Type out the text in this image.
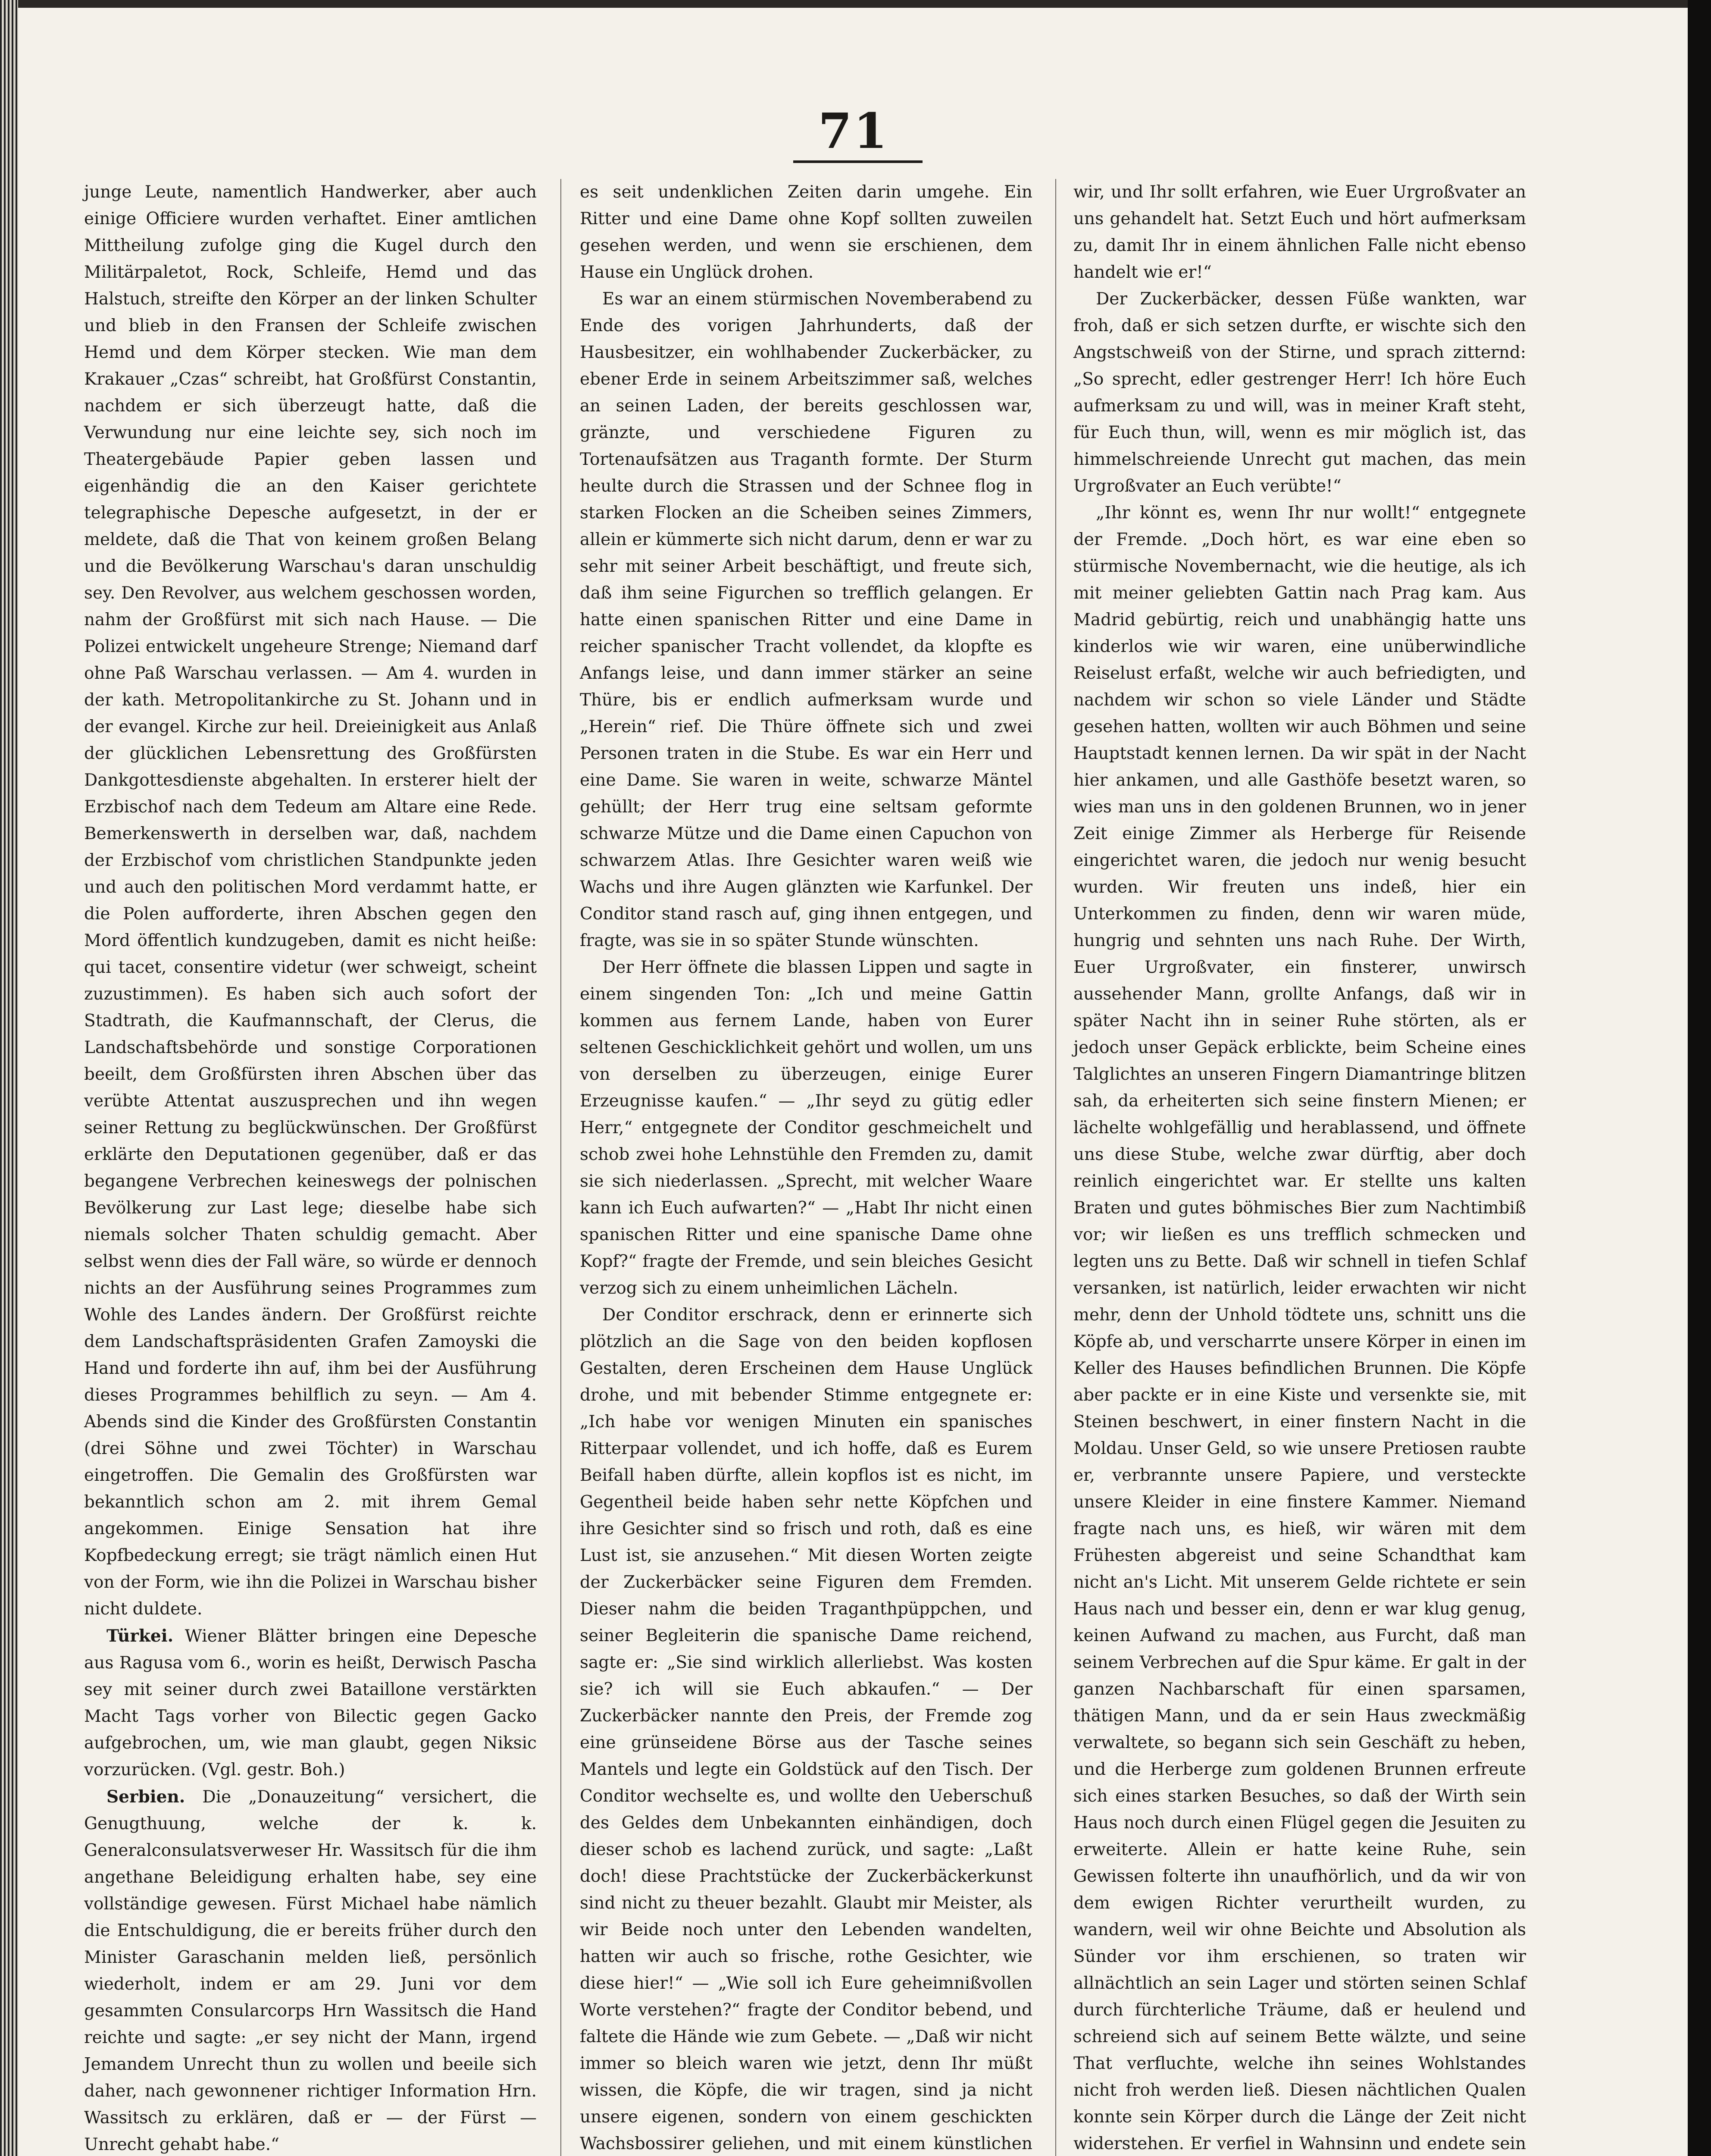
71

junge Leute, namentlich Handwerker, aber auch einige Officiere wurden verhaftet. Einer amtlichen Mittheilung zufolge ging die Kugel durch den Militärpaletot, Rock, Schleife, Hemd und das Halstuch, streifte den Körper an der linken Schulter und blieb in den Fransen der Schleife zwischen Hemd und dem Körper stecken. Wie man dem Krakauer „Czas“ schreibt, hat Großfürst Constantin, nachdem er sich überzeugt hatte, daß die Verwundung nur eine leichte sey, sich noch im Theatergebäude Papier geben lassen und eigenhändig die an den Kaiser gerichtete telegraphische Depesche aufgesetzt, in der er meldete, daß die That von keinem großen Belang und die Bevölkerung Warschau's daran unschuldig sey. Den Revolver, aus welchem geschossen worden, nahm der Großfürst mit sich nach Hause. — Die Polizei entwickelt ungeheure Strenge; Niemand darf ohne Paß Warschau verlassen. — Am 4. wurden in der kath. Metropolitankirche zu St. Johann und in der evangel. Kirche zur heil. Dreieinigkeit aus Anlaß der glücklichen Lebensrettung des Großfürsten Dankgottesdienste abgehalten. In ersterer hielt der Erzbischof nach dem Tedeum am Altare eine Rede. Bemerkenswerth in derselben war, daß, nachdem der Erzbischof vom christlichen Standpunkte jeden und auch den politischen Mord verdammt hatte, er die Polen aufforderte, ihren Abschen gegen den Mord öffentlich kundzugeben, damit es nicht heiße: qui tacet, consentire videtur (wer schweigt, scheint zuzustimmen). Es haben sich auch sofort der Stadtrath, die Kaufmannschaft, der Clerus, die Landschaftsbehörde und sonstige Corporationen beeilt, dem Großfürsten ihren Abschen über das verübte Attentat auszusprechen und ihn wegen seiner Rettung zu beglückwünschen. Der Großfürst erklärte den Deputationen gegenüber, daß er das begangene Verbrechen keineswegs der polnischen Bevölkerung zur Last lege; dieselbe habe sich niemals solcher Thaten schuldig gemacht. Aber selbst wenn dies der Fall wäre, so würde er dennoch nichts an der Ausführung seines Programmes zum Wohle des Landes ändern. Der Großfürst reichte dem Landschaftspräsidenten Grafen Zamoyski die Hand und forderte ihn auf, ihm bei der Ausführung dieses Programmes behilflich zu seyn. — Am 4. Abends sind die Kinder des Großfürsten Constantin (drei Söhne und zwei Töchter) in Warschau eingetroffen. Die Gemalin des Großfürsten war bekanntlich schon am 2. mit ihrem Gemal angekommen. Einige Sensation hat ihre Kopfbedeckung erregt; sie trägt nämlich einen Hut von der Form, wie ihn die Polizei in Warschau bisher nicht duldete.

Türkei. Wiener Blätter bringen eine Depesche aus Ragusa vom 6., worin es heißt, Derwisch Pascha sey mit seiner durch zwei Bataillone verstärkten Macht Tags vorher von Bilectic gegen Gacko aufgebrochen, um, wie man glaubt, gegen Niksic vorzurücken. (Vgl. gestr. Boh.)

Serbien. Die „Donauzeitung“ versichert, die Genugthuung, welche der k. k. Generalconsulatsverweser Hr. Wassitsch für die ihm angethane Beleidigung erhalten habe, sey eine vollständige gewesen. Fürst Michael habe nämlich die Entschuldigung, die er bereits früher durch den Minister Garaschanin melden ließ, persönlich wiederholt, indem er am 29. Juni vor dem gesammten Consularcorps Hrn Wassitsch die Hand reichte und sagte: „er sey nicht der Mann, irgend Jemandem Unrecht thun zu wollen und beeile sich daher, nach gewonnener richtiger Information Hrn. Wassitsch zu erklären, daß er — der Fürst — Unrecht gehabt habe.“

es seit undenklichen Zeiten darin umgehe. Ein Ritter und eine Dame ohne Kopf sollten zuweilen gesehen werden, und wenn sie erschienen, dem Hause ein Unglück drohen.

Es war an einem stürmischen Novemberabend zu Ende des vorigen Jahrhunderts, daß der Hausbesitzer, ein wohlhabender Zuckerbäcker, zu ebener Erde in seinem Arbeitszimmer saß, welches an seinen Laden, der bereits geschlossen war, gränzte, und verschiedene Figuren zu Tortenaufsätzen aus Traganth formte. Der Sturm heulte durch die Strassen und der Schnee flog in starken Flocken an die Scheiben seines Zimmers, allein er kümmerte sich nicht darum, denn er war zu sehr mit seiner Arbeit beschäftigt, und freute sich, daß ihm seine Figurchen so trefflich gelangen. Er hatte einen spanischen Ritter und eine Dame in reicher spanischer Tracht vollendet, da klopfte es Anfangs leise, und dann immer stärker an seine Thüre, bis er endlich aufmerksam wurde und „Herein“ rief. Die Thüre öffnete sich und zwei Personen traten in die Stube. Es war ein Herr und eine Dame. Sie waren in weite, schwarze Mäntel gehüllt; der Herr trug eine seltsam geformte schwarze Mütze und die Dame einen Capuchon von schwarzem Atlas. Ihre Gesichter waren weiß wie Wachs und ihre Augen glänzten wie Karfunkel. Der Conditor stand rasch auf, ging ihnen entgegen, und fragte, was sie in so später Stunde wünschten.

Der Herr öffnete die blassen Lippen und sagte in einem singenden Ton: „Ich und meine Gattin kommen aus fernem Lande, haben von Eurer seltenen Geschicklichkeit gehört und wollen, um uns von derselben zu überzeugen, einige Eurer Erzeugnisse kaufen.“ — „Ihr seyd zu gütig edler Herr,“ entgegnete der Conditor geschmeichelt und schob zwei hohe Lehnstühle den Fremden zu, damit sie sich niederlassen. „Sprecht, mit welcher Waare kann ich Euch aufwarten?“ — „Habt Ihr nicht einen spanischen Ritter und eine spanische Dame ohne Kopf?“ fragte der Fremde, und sein bleiches Gesicht verzog sich zu einem unheimlichen Lächeln.

Der Conditor erschrack, denn er erinnerte sich plötzlich an die Sage von den beiden kopflosen Gestalten, deren Erscheinen dem Hause Unglück drohe, und mit bebender Stimme entgegnete er: „Ich habe vor wenigen Minuten ein spanisches Ritterpaar vollendet, und ich hoffe, daß es Eurem Beifall haben dürfte, allein kopflos ist es nicht, im Gegentheil beide haben sehr nette Köpfchen und ihre Gesichter sind so frisch und roth, daß es eine Lust ist, sie anzusehen.“ Mit diesen Worten zeigte der Zuckerbäcker seine Figuren dem Fremden. Dieser nahm die beiden Traganthpüppchen, und seiner Begleiterin die spanische Dame reichend, sagte er: „Sie sind wirklich allerliebst. Was kosten sie? ich will sie Euch abkaufen.“ — Der Zuckerbäcker nannte den Preis, der Fremde zog eine grünseidene Börse aus der Tasche seines Mantels und legte ein Goldstück auf den Tisch. Der Conditor wechselte es, und wollte den Ueberschuß des Geldes dem Unbekannten einhändigen, doch dieser schob es lachend zurück, und sagte: „Laßt doch! diese Prachtstücke der Zuckerbäckerkunst sind nicht zu theuer bezahlt. Glaubt mir Meister, als wir Beide noch unter den Lebenden wandelten, hatten wir auch so frische, rothe Gesichter, wie diese hier!“ — „Wie soll ich Eure geheimnißvollen Worte verstehen?“ fragte der Conditor bebend, und faltete die Hände wie zum Gebete. — „Daß wir nicht immer so bleich waren wie jetzt, denn Ihr müßt wissen, die Köpfe, die wir tragen, sind ja nicht unsere eigenen, sondern von einem geschickten Wachsbossirer geliehen, und mit einem künstlichen

wir, und Ihr sollt erfahren, wie Euer Urgroßvater an uns gehandelt hat. Setzt Euch und hört aufmerksam zu, damit Ihr in einem ähnlichen Falle nicht ebenso handelt wie er!“

Der Zuckerbäcker, dessen Füße wankten, war froh, daß er sich setzen durfte, er wischte sich den Angstschweiß von der Stirne, und sprach zitternd: „So sprecht, edler gestrenger Herr! Ich höre Euch aufmerksam zu und will, was in meiner Kraft steht, für Euch thun, will, wenn es mir möglich ist, das himmelschreiende Unrecht gut machen, das mein Urgroßvater an Euch verübte!“

„Ihr könnt es, wenn Ihr nur wollt!“ entgegnete der Fremde. „Doch hört, es war eine eben so stürmische Novembernacht, wie die heutige, als ich mit meiner geliebten Gattin nach Prag kam. Aus Madrid gebürtig, reich und unabhängig hatte uns kinderlos wie wir waren, eine unüberwindliche Reiselust erfaßt, welche wir auch befriedigten, und nachdem wir schon so viele Länder und Städte gesehen hatten, wollten wir auch Böhmen und seine Hauptstadt kennen lernen. Da wir spät in der Nacht hier ankamen, und alle Gasthöfe besetzt waren, so wies man uns in den goldenen Brunnen, wo in jener Zeit einige Zimmer als Herberge für Reisende eingerichtet waren, die jedoch nur wenig besucht wurden. Wir freuten uns indeß, hier ein Unterkommen zu finden, denn wir waren müde, hungrig und sehnten uns nach Ruhe. Der Wirth, Euer Urgroßvater, ein finsterer, unwirsch aussehender Mann, grollte Anfangs, daß wir in später Nacht ihn in seiner Ruhe störten, als er jedoch unser Gepäck erblickte, beim Scheine eines Talglichtes an unseren Fingern Diamantringe blitzen sah, da erheiterten sich seine finstern Mienen; er lächelte wohlgefällig und herablassend, und öffnete uns diese Stube, welche zwar dürftig, aber doch reinlich eingerichtet war. Er stellte uns kalten Braten und gutes böhmisches Bier zum Nachtimbiß vor; wir ließen es uns trefflich schmecken und legten uns zu Bette. Daß wir schnell in tiefen Schlaf versanken, ist natürlich, leider erwachten wir nicht mehr, denn der Unhold tödtete uns, schnitt uns die Köpfe ab, und verscharrte unsere Körper in einen im Keller des Hauses befindlichen Brunnen. Die Köpfe aber packte er in eine Kiste und versenkte sie, mit Steinen beschwert, in einer finstern Nacht in die Moldau. Unser Geld, so wie unsere Pretiosen raubte er, verbrannte unsere Papiere, und versteckte unsere Kleider in eine finstere Kammer. Niemand fragte nach uns, es hieß, wir wären mit dem Frühesten abgereist und seine Schandthat kam nicht an's Licht. Mit unserem Gelde richtete er sein Haus nach und besser ein, denn er war klug genug, keinen Aufwand zu machen, aus Furcht, daß man seinem Verbrechen auf die Spur käme. Er galt in der ganzen Nachbarschaft für einen sparsamen, thätigen Mann, und da er sein Haus zweckmäßig verwaltete, so begann sich sein Geschäft zu heben, und die Herberge zum goldenen Brunnen erfreute sich eines starken Besuches, so daß der Wirth sein Haus noch durch einen Flügel gegen die Jesuiten zu erweiterte. Allein er hatte keine Ruhe, sein Gewissen folterte ihn unaufhörlich, und da wir von dem ewigen Richter verurtheilt wurden, zu wandern, weil wir ohne Beichte und Absolution als Sünder vor ihm erschienen, so traten wir allnächtlich an sein Lager und störten seinen Schlaf durch fürchterliche Träume, daß er heulend und schreiend sich auf seinem Bette wälzte, und seine That verfluchte, welche ihn seines Wohlstandes nicht froh werden ließ. Diesen nächtlichen Qualen konnte sein Körper durch die Länge der Zeit nicht widerstehen. Er verfiel in Wahnsinn und endete sein
